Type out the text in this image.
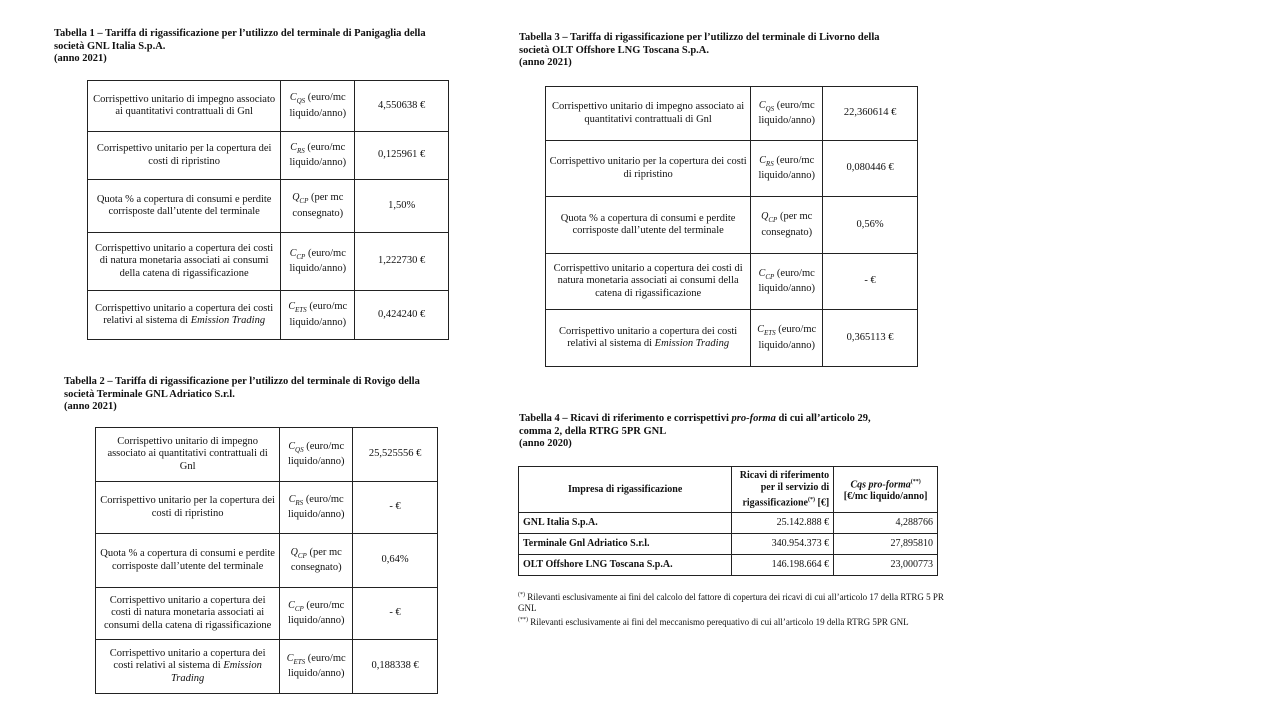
Tabella 1 – Tariffa di rigassificazione per l’utilizzo del terminale di Panigaglia della

società GNL Italia S.p.A.

(anno 2021)

Corrispettivo unitario di impegno associato ai quantitativi contrattuali di Gnl	$C_{QS}$ (euro/mc liquido/anno)	4,550638 €
Corrispettivo unitario per la copertura dei costi di ripristino	$C_{RS}$ (euro/mc liquido/anno)	0,125961 €
Quota % a copertura di consumi e perdite corrisposte dall’utente del terminale	$Q_{CP}$ (per mc consegnato)	1,50%
Corrispettivo unitario a copertura dei costi di natura monetaria associati ai consumi della catena di rigassificazione	$C_{CP}$ (euro/mc liquido/anno)	1,222730 €
Corrispettivo unitario a copertura dei costi relativi al sistema di Emission Trading	$C_{ETS}$ (euro/mc liquido/anno)	0,424240 €

Tabella 2 – Tariffa di rigassificazione per l’utilizzo del terminale di Rovigo della

società Terminale GNL Adriatico S.r.l.

(anno 2021)

Corrispettivo unitario di impegno associato ai quantitativi contrattuali di Gnl	$C_{QS}$ (euro/mc liquido/anno)	25,525556 €
Corrispettivo unitario per la copertura dei costi di ripristino	$C_{RS}$ (euro/mc liquido/anno)	- €
Quota % a copertura di consumi e perdite corrisposte dall’utente del terminale	$Q_{CP}$ (per mc consegnato)	0,64%
Corrispettivo unitario a copertura dei costi di natura monetaria associati ai consumi della catena di rigassificazione	$C_{CP}$ (euro/mc liquido/anno)	- €
Corrispettivo unitario a copertura dei costi relativi al sistema di Emission Trading	$C_{ETS}$ (euro/mc liquido/anno)	0,188338 €

Tabella 3 – Tariffa di rigassificazione per l’utilizzo del terminale di Livorno della

società OLT Offshore LNG Toscana S.p.A.

(anno 2021)

Corrispettivo unitario di impegno associato ai quantitativi contrattuali di Gnl	$C_{QS}$ (euro/mc liquido/anno)	22,360614 €
Corrispettivo unitario per la copertura dei costi di ripristino	$C_{RS}$ (euro/mc liquido/anno)	0,080446 €
Quota % a copertura di consumi e perdite corrisposte dall’utente del terminale	$Q_{CP}$ (per mc consegnato)	0,56%
Corrispettivo unitario a copertura dei costi di natura monetaria associati ai consumi della catena di rigassificazione	$C_{CP}$ (euro/mc liquido/anno)	- €
Corrispettivo unitario a copertura dei costi relativi al sistema di Emission Trading	$C_{ETS}$ (euro/mc liquido/anno)	0,365113 €

Tabella 4 – Ricavi di riferimento e corrispettivi pro-forma di cui all’articolo 29,

comma 2, della RTRG 5PR GNL

(anno 2020)

Impresa di rigassificazione	Ricavi di riferimento per il servizio di rigassificazione(*) [€]	Cqs pro-forma(**)
[€/mc liquido/anno]
GNL Italia S.p.A.	25.142.888 €	4,288766
Terminale Gnl Adriatico S.r.l.	340.954.373 €	27,895810
OLT Offshore LNG Toscana S.p.A.	146.198.664 €	23,000773

(*) Rilevanti esclusivamente ai fini del calcolo del fattore di copertura dei ricavi di cui all’articolo 17 della RTRG 5 PR GNL

(**) Rilevanti esclusivamente ai fini del meccanismo perequativo di cui all’articolo 19 della RTRG 5PR GNL
